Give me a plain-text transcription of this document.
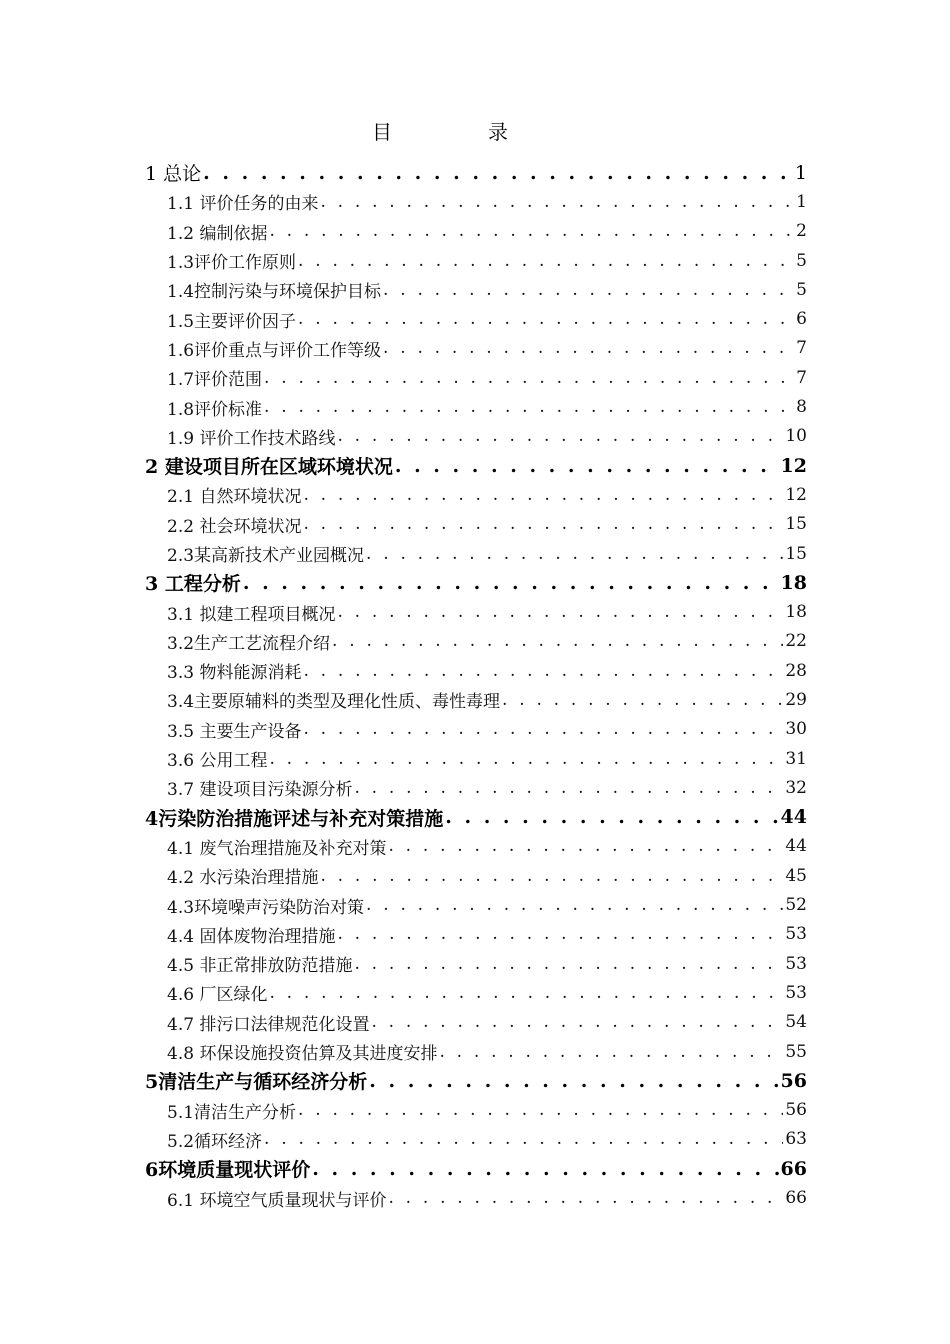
目　录
1 总论 . . .	1
1.1 评价任务的由来 . . .	1
1.2 编制依据 . . .	2
1.3评价工作原则 . . .	5
1.4控制污染与环境保护目标 . . .	5
1.5主要评价因子 . . .	6
1.6评价重点与评价工作等级 . . .	7
1.7评价范围 . . .	7
1.8评价标准 . . .	8
1.9 评价工作技术路线 . . .	10
2 建设项目所在区域环境状况 . . .	12
2.1 自然环境状况 . . .	12
2.2 社会环境状况 . . .	15
2.3某高新技术产业园概况 . . .	15
3 工程分析 . . .	18
3.1 拟建工程项目概况 . . .	18
3.2生产工艺流程介绍 . . .	22
3.3 物料能源消耗 . . .	28
3.4主要原辅料的类型及理化性质、毒性毒理 . . .	29
3.5 主要生产设备 . . .	30
3.6 公用工程 . . .	31
3.7 建设项目污染源分析 . . .	32
4污染防治措施评述与补充对策措施 . . .	44
4.1 废气治理措施及补充对策 . . .	44
4.2 水污染治理措施 . . .	45
4.3环境噪声污染防治对策 . . .	52
4.4 固体废物治理措施 . . .	53
4.5 非正常排放防范措施 . . .	53
4.6 厂区绿化 . . .	53
4.7 排污口法律规范化设置 . . .	54
4.8 环保设施投资估算及其进度安排 . . .	55
5清洁生产与循环经济分析 . . .	56
5.1清洁生产分析 . . .	56
5.2循环经济 . . .	63
6环境质量现状评价 . . .	66
6.1 环境空气质量现状与评价 . . .	66
